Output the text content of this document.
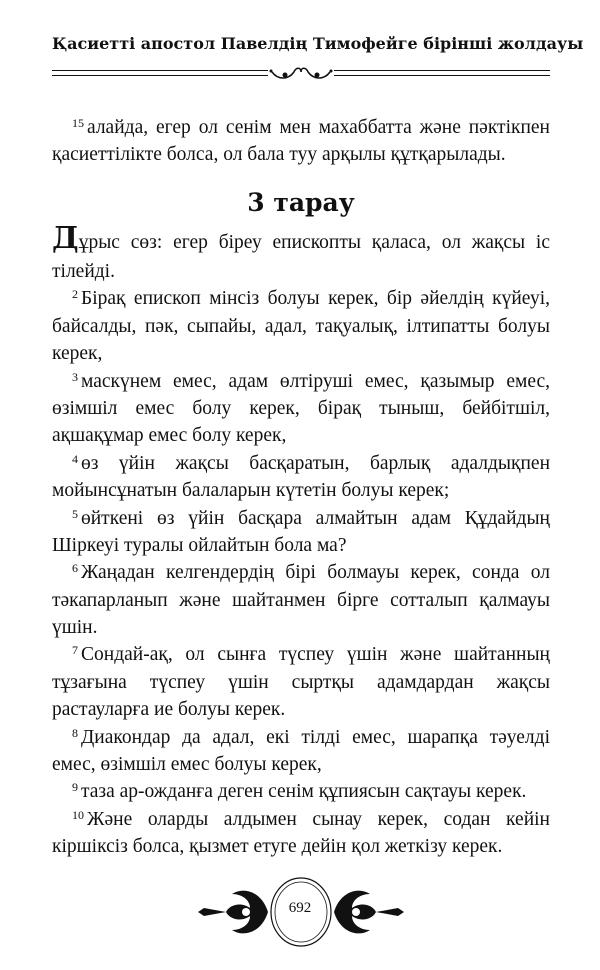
Қасиетті апостол Павелдің Тимофейге бірінші жолдауы
$^{15}$ алайда, егер ол сенім мен махаббатта және пәктікпен
қасиеттілікте болса, ол бала туу арқылы құтқарылады.
3 тарау
Дұрыс сөз: егер біреу епископты қаласа, ол жақсы іс
тілейді.
$^2$ Бірақ епископ мінсіз болуы керек, бір әйелдің күйеуі,
байсалды, пәк, сыпайы, адал, тақуалық, ілтипатты болуы
керек,
$^3$ маскүнем емес, адам өлтіруші емес, қазымыр емес,
өзімшіл емес болу керек, бірақ тыныш, бейбітшіл,
ақшақұмар емес болу керек,
$^4$ өз үйін жақсы басқаратын, барлық адалдықпен
мойынсұнатын балаларын күтетін болуы керек;
$^5$ өйткені өз үйін басқара алмайтын адам Құдайдың
Шіркеуі туралы ойлайтын бола ма?
$^6$ Жаңадан келгендердің бірі болмауы керек, сонда ол
тәкапарланып және шайтанмен бірге сотталып қалмауы
үшін.
$^7$ Сондай-ақ, ол сынға түспеу үшін және шайтанның
тұзағына түспеу үшін сыртқы адамдардан жақсы
растауларға ие болуы керек.
$^8$ Диакондар да адал, екі тілді емес, шарапқа тәуелді
емес, өзімшіл емес болуы керек,
$^9$ таза ар-ожданға деген сенім құпиясын сақтауы керек.
$^{10}$ Және оларды алдымен сынау керек, содан кейін
кіршіксіз болса, қызмет етуге дейін қол жеткізу керек.
692
